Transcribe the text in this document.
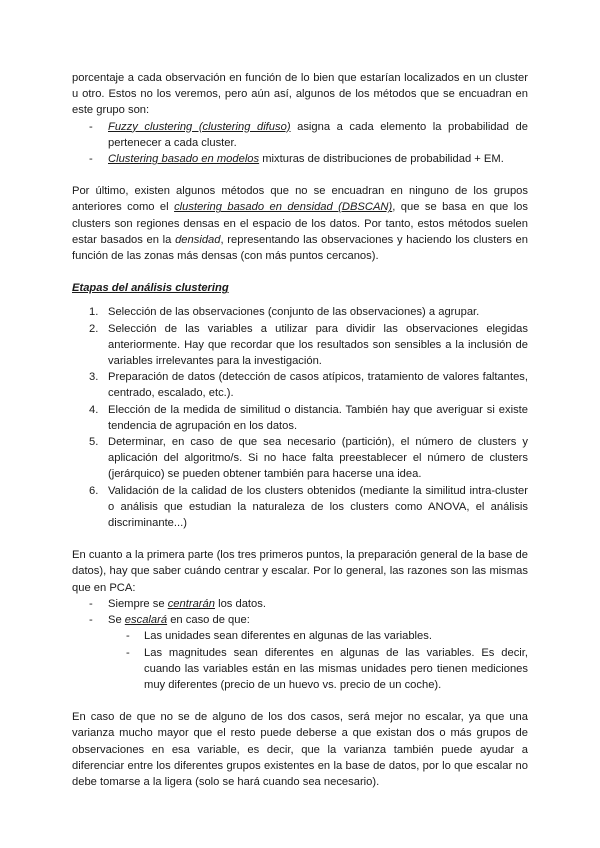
porcentaje a cada observación en función de lo bien que estarían localizados en un cluster u otro. Estos no los veremos, pero aún así, algunos de los métodos que se encuadran en este grupo son:

- Fuzzy clustering (clustering difuso) asigna a cada elemento la probabilidad de pertenecer a cada cluster.
- Clustering basado en modelos mixturas de distribuciones de probabilidad + EM.

Por último, existen algunos métodos que no se encuadran en ninguno de los grupos anteriores como el clustering basado en densidad (DBSCAN), que se basa en que los clusters son regiones densas en el espacio de los datos. Por tanto, estos métodos suelen estar basados en la densidad, representando las observaciones y haciendo los clusters en función de las zonas más densas (con más puntos cercanos).

Etapas del análisis clustering
1. Selección de las observaciones (conjunto de las observaciones) a agrupar.
2. Selección de las variables a utilizar para dividir las observaciones elegidas anteriormente. Hay que recordar que los resultados son sensibles a la inclusión de variables irrelevantes para la investigación.
3. Preparación de datos (detección de casos atípicos, tratamiento de valores faltantes, centrado, escalado, etc.).
4. Elección de la medida de similitud o distancia. También hay que averiguar si existe tendencia de agrupación en los datos.
5. Determinar, en caso de que sea necesario (partición), el número de clusters y aplicación del algoritmo/s. Si no hace falta preestablecer el número de clusters (jerárquico) se pueden obtener también para hacerse una idea.
6. Validación de la calidad de los clusters obtenidos (mediante la similitud intra-cluster o análisis que estudian la naturaleza de los clusters como ANOVA, el análisis discriminante...)

En cuanto a la primera parte (los tres primeros puntos, la preparación general de la base de datos), hay que saber cuándo centrar y escalar. Por lo general, las razones son las mismas que en PCA:

- Siempre se centrarán los datos.
- Se escalará en caso de que:
- Las unidades sean diferentes en algunas de las variables.
- Las magnitudes sean diferentes en algunas de las variables. Es decir, cuando las variables están en las mismas unidades pero tienen mediciones muy diferentes (precio de un huevo vs. precio de un coche).

En caso de que no se de alguno de los dos casos, será mejor no escalar, ya que una varianza mucho mayor que el resto puede deberse a que existan dos o más grupos de observaciones en esa variable, es decir, que la varianza también puede ayudar a diferenciar entre los diferentes grupos existentes en la base de datos, por lo que escalar no debe tomarse a la ligera (solo se hará cuando sea necesario).
